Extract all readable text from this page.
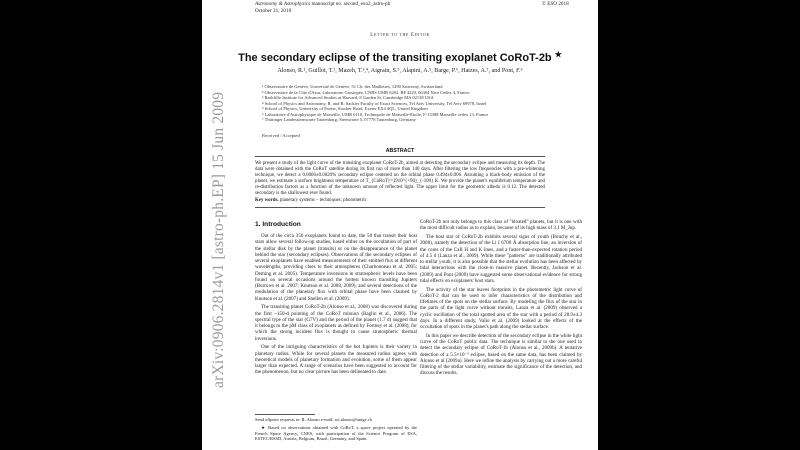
arXiv:0906.2814v1 [astro-ph.EP] 15 Jun 2009
Astronomy & Astrophysics manuscript no. second_exo2_astro-ph
October 31, 2018
© ESO 2018
Letter to the Editor
The secondary eclipse of the transiting exoplanet CoRoT-2b ★
Alonso, R.¹, Guillot, T.², Mazeh, T.³,⁴, Aigrain, S.⁵, Alapini, A.⁵, Barge, P.⁶, Hatzes, A.⁷, and Pont, F.⁵
¹ Observatoire de Genève, Université de Genève, 51 Ch. des Maillettes, 1290 Sauverny, Switzerland
² Observatoire de la Côte d'Azur, Laboratoire Cassiopée, CNRS UMR 6202, BP 4229, 06304 Nice Cedex 4, France
³ Radcliffe Institute for Advanced Studies at Harvard, 8 Garden St. Cambridge MA 02138 USA
⁴ School of Physics and Astronomy, R. and B. Sackler Faculty of Exact Sciences, Tel Aviv University, Tel Aviv 69978, Israel
⁵ School of Physics, University of Exeter, Stocker Road, Exeter EX4 4QL, United Kingdom
⁶ Laboratoire d'Astrophysique de Marseille, UMR 6110, Technopole de Marseille-Etoile, F-13388 Marseille cedex 13, France
⁷ Thüringer Landessternwarte Tautenburg, Sternwarte 5, 07778 Tautenburg, Germany
Received / Accepted
ABSTRACT
We present a study of the light curve of the transiting exoplanet CoRoT-2b, aimed at detecting the secondary eclipse and measuring its depth. The data were obtained with the CoRoT satellite during its first run of more than 140 days. After filtering the low frequencies with a pre-whitening technique, we detect a 0.0060±0.0020% secondary eclipse centered on the orbital phase 0.494±0.006. Assuming a black-body emission of the planet, we estimate a surface brightness temperature of T_{CoRoT}=1910^{+90}_{-100} K. We provide the planet's equilibrium temperature and re-distribution factors as a function of the unknown amount of reflected light. The upper limit for the geometric albedo is 0.12. The detected secondary is the shallowest ever found.
Key words. planetary systems – techniques: photometric
1. Introduction

Out of the circa 350 exoplanets found to date, the 50 that transit their host stars allow several follow-up studies, based either on the occultation of part of the stellar disk by the planet (transits) or on the disappearance of the planet behind the star (secondary eclipses). Observations of the secondary eclipses of several exoplanets have enabled measurements of their emitted flux at different wavelengths, providing clues to their atmospheres (Charbonneau et al. 2005; Deming et al. 2005). Temperature inversions in stratospheric levels have been found on several occasions around the hottest known transiting Jupiters (Burrows et al. 2007; Knutson et al. 2008, 2009), and several detections of the modulation of the planetary flux with orbital phase have been claimed by Knutson et al. (2007) and Snellen et al. (2009).

The transiting planet CoRoT-2b (Alonso et al., 2008) was discovered during the first ~150-d pointing of the CoRoT mission (Baglin et al., 2006). The spectral type of the star (G7V) and the period of the planet (1.7 d) suggest that it belongs to the pM class of exoplanets as defined by Fortney et al. (2008), for which the strong incident flux is thought to cause stratospheric thermal inversions.

One of the intriguing characteristics of the hot Jupiters is their variety in planetary radius. While for several planets the measured radius agrees with theoretical models of planetary formation and evolution, some of them appear larger than expected. A range of scenarios have been suggested to account for the phenomenon, but no clear picture has been delineated to date.

Send offprint requests to: R. Alonso e-mail: roi.alonso@unige.ch

★ Based on observations obtained with CoRoT, a space project operated by the French Space Agency, CNES, with participation of the Science Program of ESA, ESTEC/RSSD, Austria, Belgium, Brazil, Germany, and Spain.

CoRoT-2b not only belongs to this class of "bloated" planets, but it is one with the most difficult radius as to explain, because of its high mass of 3.1 M_Jup.

The host star of CoRoT-2b exhibits several signs of youth (Bouchy et al., 2008), namely the detection of the Li I 6708 Å absorption line, an inversion of the cores of the CaII H and K lines, and a faster-than-expected rotation period of 4.5 d (Lanza et al., 2009). While these "patterns" are traditionally attributed to stellar youth, it is also possible that the stellar evolution has been affected by tidal interactions with the close-in massive planet. Recently, Jackson et al. (2009) and Pont (2009) have suggested some observational evidence for strong tidal effects on exoplanets' host stars.

The activity of the star leaves footprints in the photometric light curve of CoRoT-2 that can be used to infer characteristics of the distribution and lifetimes of the spots on the stellar surface. By modeling the flux of the star in the parts of the light curve without transits, Lanza et al. (2009) observed a cyclic oscillation of the total spotted area of the star with a period of 28.9±4.3 days. In a different study, Valio et al. (2009) looked at the effects of the occultation of spots in the planet's path along the stellar surface.

In this paper we describe detection of the secondary eclipse in the white light curve of the CoRoT public data. The technique is similar to the one used to detect the secondary eclipse of CoRoT-1b (Alonso et al., 2009b). A tentative detection of a 5.5×10⁻⁵ eclipse, based on the same data, has been claimed by Alonso et al (2009a). Here we refine the analysis by carrying out a more careful filtering of the stellar variability, estimate the significance of the detection, and discuss the results.
